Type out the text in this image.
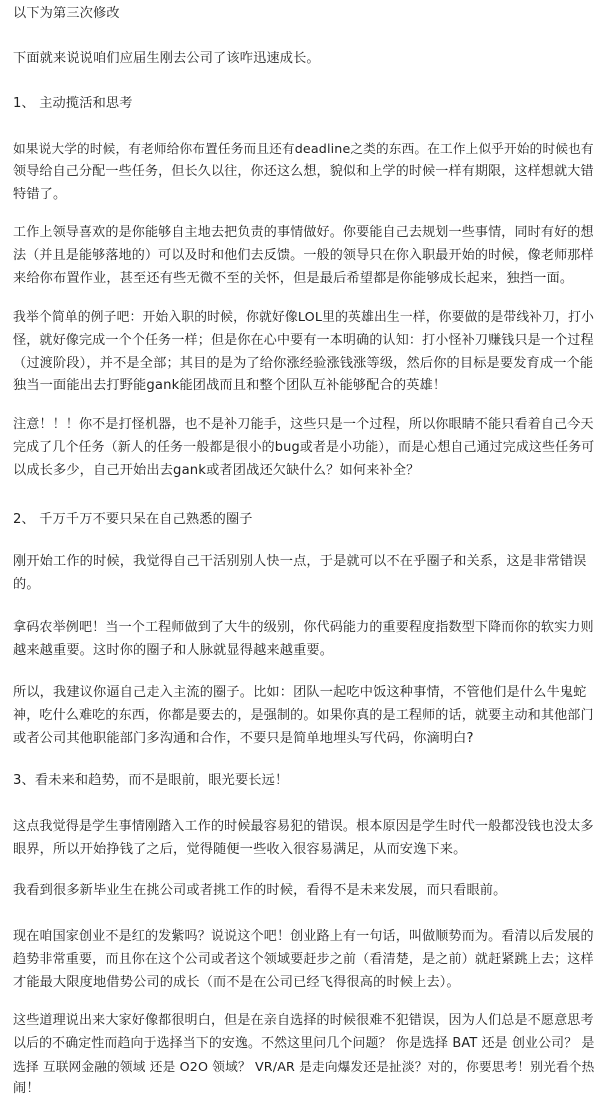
以下为第三次修改

下面就来说说咱们应届生刚去公司了该咋迅速成长。

1、 主动揽活和思考

如果说大学的时候，有老师给你布置任务而且还有deadline之类的东西。在工作上似乎开始的时候也有
领导给自己分配一些任务，但长久以往，你还这么想，貌似和上学的时候一样有期限，这样想就大错
特错了。

工作上领导喜欢的是你能够自主地去把负责的事情做好。你要能自己去规划一些事情，同时有好的想
法（并且是能够落地的）可以及时和他们去反馈。一般的领导只在你入职最开始的时候，像老师那样
来给你布置作业，甚至还有些无微不至的关怀，但是最后希望都是你能够成长起来，独挡一面。

我举个简单的例子吧：开始入职的时候，你就好像LOL里的英雄出生一样，你要做的是带线补刀，打小
怪，就好像完成一个个任务一样；但是你在心中要有一本明确的认知：打小怪补刀赚钱只是一个过程
（过渡阶段），并不是全部；其目的是为了给你涨经验涨钱涨等级，然后你的目标是要发育成一个能
独当一面能出去打野能gank能团战而且和整个团队互补能够配合的英雄！

注意！！！你不是打怪机器，也不是补刀能手，这些只是一个过程，所以你眼睛不能只看着自己今天
完成了几个任务（新人的任务一般都是很小的bug或者是小功能），而是心想自己通过完成这些任务可
以成长多少，自己开始出去gank或者团战还欠缺什么？如何来补全？

2、 千万千万不要只呆在自己熟悉的圈子

刚开始工作的时候，我觉得自己干活别别人快一点，于是就可以不在乎圈子和关系，这是非常错误
的。

拿码农举例吧！当一个工程师做到了大牛的级别，你代码能力的重要程度指数型下降而你的软实力则
越来越重要。这时你的圈子和人脉就显得越来越重要。

所以，我建议你逼自己走入主流的圈子。比如：团队一起吃中饭这种事情，不管他们是什么牛鬼蛇
神，吃什么难吃的东西，你都是要去的，是强制的。如果你真的是工程师的话，就要主动和其他部门
或者公司其他职能部门多沟通和合作，不要只是简单地埋头写代码，你滴明白?

3、看未来和趋势，而不是眼前，眼光要长远！

这点我觉得是学生事情刚踏入工作的时候最容易犯的错误。根本原因是学生时代一般都没钱也没太多
眼界，所以开始挣钱了之后，觉得随便一些收入很容易满足，从而安逸下来。

我看到很多新毕业生在挑公司或者挑工作的时候，看得不是未来发展，而只看眼前。

现在咱国家创业不是红的发紫吗？说说这个吧！创业路上有一句话，叫做顺势而为。看清以后发展的
趋势非常重要，而且你在这个公司或者这个领域要赶步之前（看清楚，是之前）就赶紧跳上去；这样
才能最大限度地借势公司的成长（而不是在公司已经飞得很高的时候上去）。

这些道理说出来大家好像都很明白，但是在亲自选择的时候很难不犯错误，因为人们总是不愿意思考
以后的不确定性而趋向于选择当下的安逸。不然这里问几个问题？ 你是选择 BAT 还是 创业公司？ 是
选择 互联网金融的领域 还是 O2O 领域？ VR/AR 是走向爆发还是扯淡？对的，你要思考！别光看个热
闹！
